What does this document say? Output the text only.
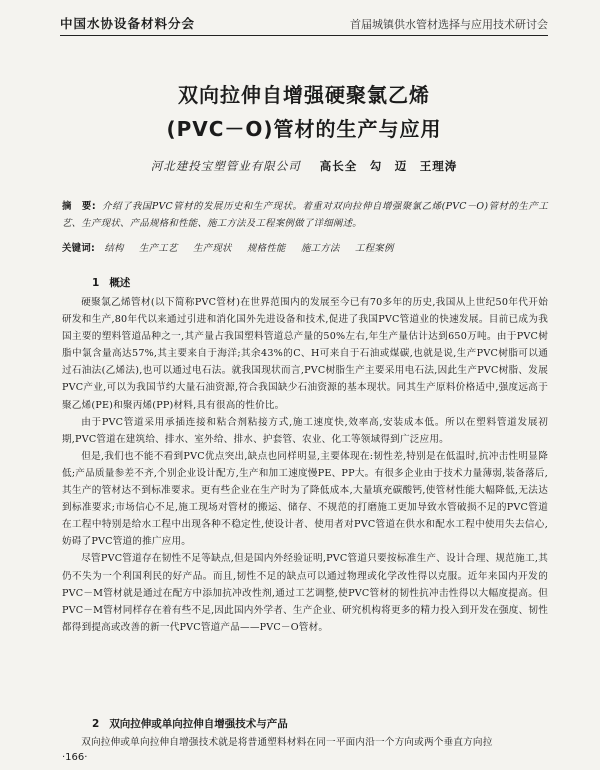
中国水协设备材料分会	首届城镇供水管材选择与应用技术研讨会
双向拉伸自增强硬聚氯乙烯
(PVC－O)管材的生产与应用
河北建投宝塑管业有限公司 高长全　勾　迈　王理涛
摘　要: 介绍了我国PVC管材的发展历史和生产现状。着重对双向拉伸自增强聚氯乙烯(PVC－O)管材的生产工艺、生产现状、产品规格和性能、施工方法及工程案例做了详细阐述。
关键词: 结构 生产工艺 生产现状 规格性能 施工方法 工程案例
1 概述

硬聚氯乙烯管材(以下简称PVC管材)在世界范围内的发展至今已有70多年的历史,我国从上世纪50年代开始研发和生产,80年代以来通过引进和消化国外先进设备和技术,促进了我国PVC管道业的快速发展。目前已成为我国主要的塑料管道品种之一,其产量占我国塑料管道总产量的50%左右,年生产量估计达到650万吨。由于PVC树脂中氯含量高达57%,其主要来自于海洋;其余43%的C、H可来自于石油或煤碳,也就是说,生产PVC树脂可以通过石油法(乙烯法),也可以通过电石法。就我国现状而言,PVC树脂生产主要采用电石法,因此生产PVC树脂、发展PVC产业,可以为我国节约大量石油资源,符合我国缺少石油资源的基本现状。同其生产原料价格适中,强度远高于聚乙烯(PE)和聚丙烯(PP)材料,具有很高的性价比。

由于PVC管道采用承插连接和粘合剂粘接方式,施工速度快,效率高,安装成本低。所以在塑料管道发展初期,PVC管道在建筑给、排水、室外给、排水、护套管、农业、化工等领域得到广泛应用。

但是,我们也不能不看到PVC优点突出,缺点也同样明显,主要体现在:韧性差,特别是在低温时,抗冲击性明显降低;产品质量参差不齐,个别企业设计配方,生产和加工速度慢PE、PP大。有很多企业由于技术力量薄弱,装备落后,其生产的管材达不到标准要求。更有些企业在生产时为了降低成本,大量填充碳酸钙,使管材性能大幅降低,无法达到标准要求;市场信心不足,施工现场对管材的搬运、储存、不规范的打磨施工更加导致水管破损不足的PVC管道在工程中特别是给水工程中出现各种不稳定性,使设计者、使用者对PVC管道在供水和配水工程中使用失去信心,妨碍了PVC管道的推广应用。

尽管PVC管道存在韧性不足等缺点,但是国内外经验证明,PVC管道只要按标准生产、设计合理、规范施工,其仍不失为一个利国利民的好产品。而且,韧性不足的缺点可以通过物理或化学改性得以克服。近年来国内开发的PVC－M管材就是通过在配方中添加抗冲改性剂,通过工艺调整,使PVC管材的韧性抗冲击性得以大幅度提高。但PVC－M管材同样存在着有些不足,因此国内外学者、生产企业、研究机构将更多的精力投入到开发在强度、韧性都得到提高或改善的新一代PVC管道产品——PVC－O管材。

2 双向拉伸或单向拉伸自增强技术与产品
双向拉伸或单向拉伸自增强技术就是将普通塑料材料在同一平面内沿一个方向或两个垂直方向拉
·166·
